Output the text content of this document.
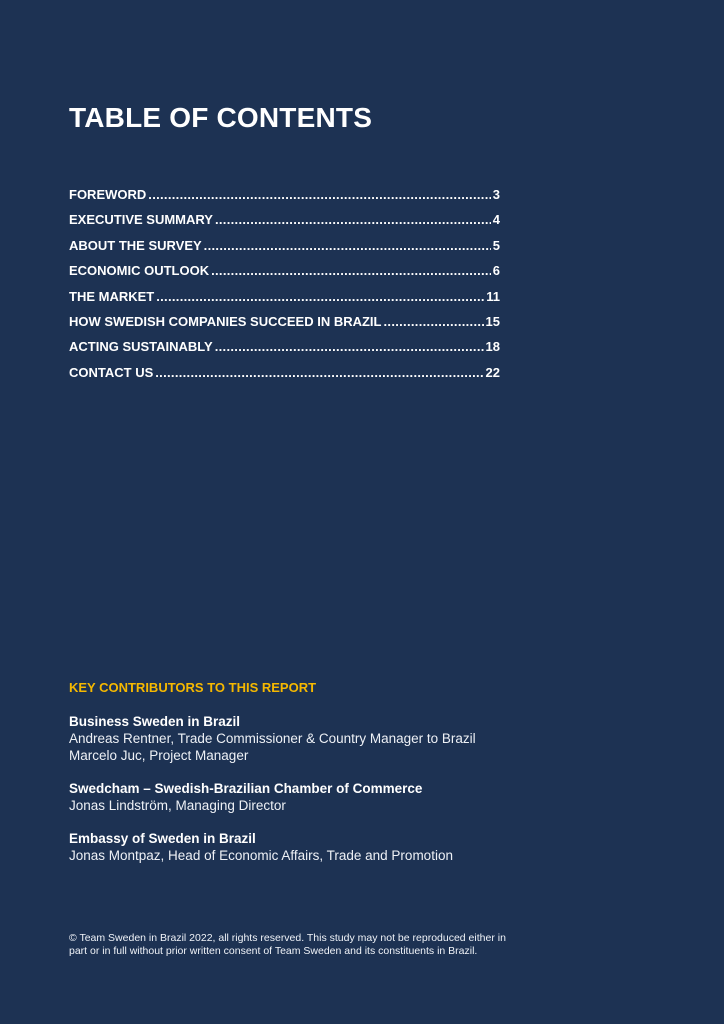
TABLE OF CONTENTS
FOREWORD .....	3
EXECUTIVE SUMMARY .....	4
ABOUT THE SURVEY .....	5
ECONOMIC OUTLOOK .....	6
THE MARKET .....	11
HOW SWEDISH COMPANIES SUCCEED IN BRAZIL .....	15
ACTING SUSTAINABLY .....	18
CONTACT US .....	22
KEY CONTRIBUTORS TO THIS REPORT
Business Sweden in Brazil
Andreas Rentner, Trade Commissioner & Country Manager to Brazil
Marcelo Juc, Project Manager
Swedcham – Swedish-Brazilian Chamber of Commerce
Jonas Lindström, Managing Director
Embassy of Sweden in Brazil
Jonas Montpaz, Head of Economic Affairs, Trade and Promotion

© Team Sweden in Brazil 2022, all rights reserved. This study may not be reproduced either in part or in full without prior written consent of Team Sweden and its constituents in Brazil.
